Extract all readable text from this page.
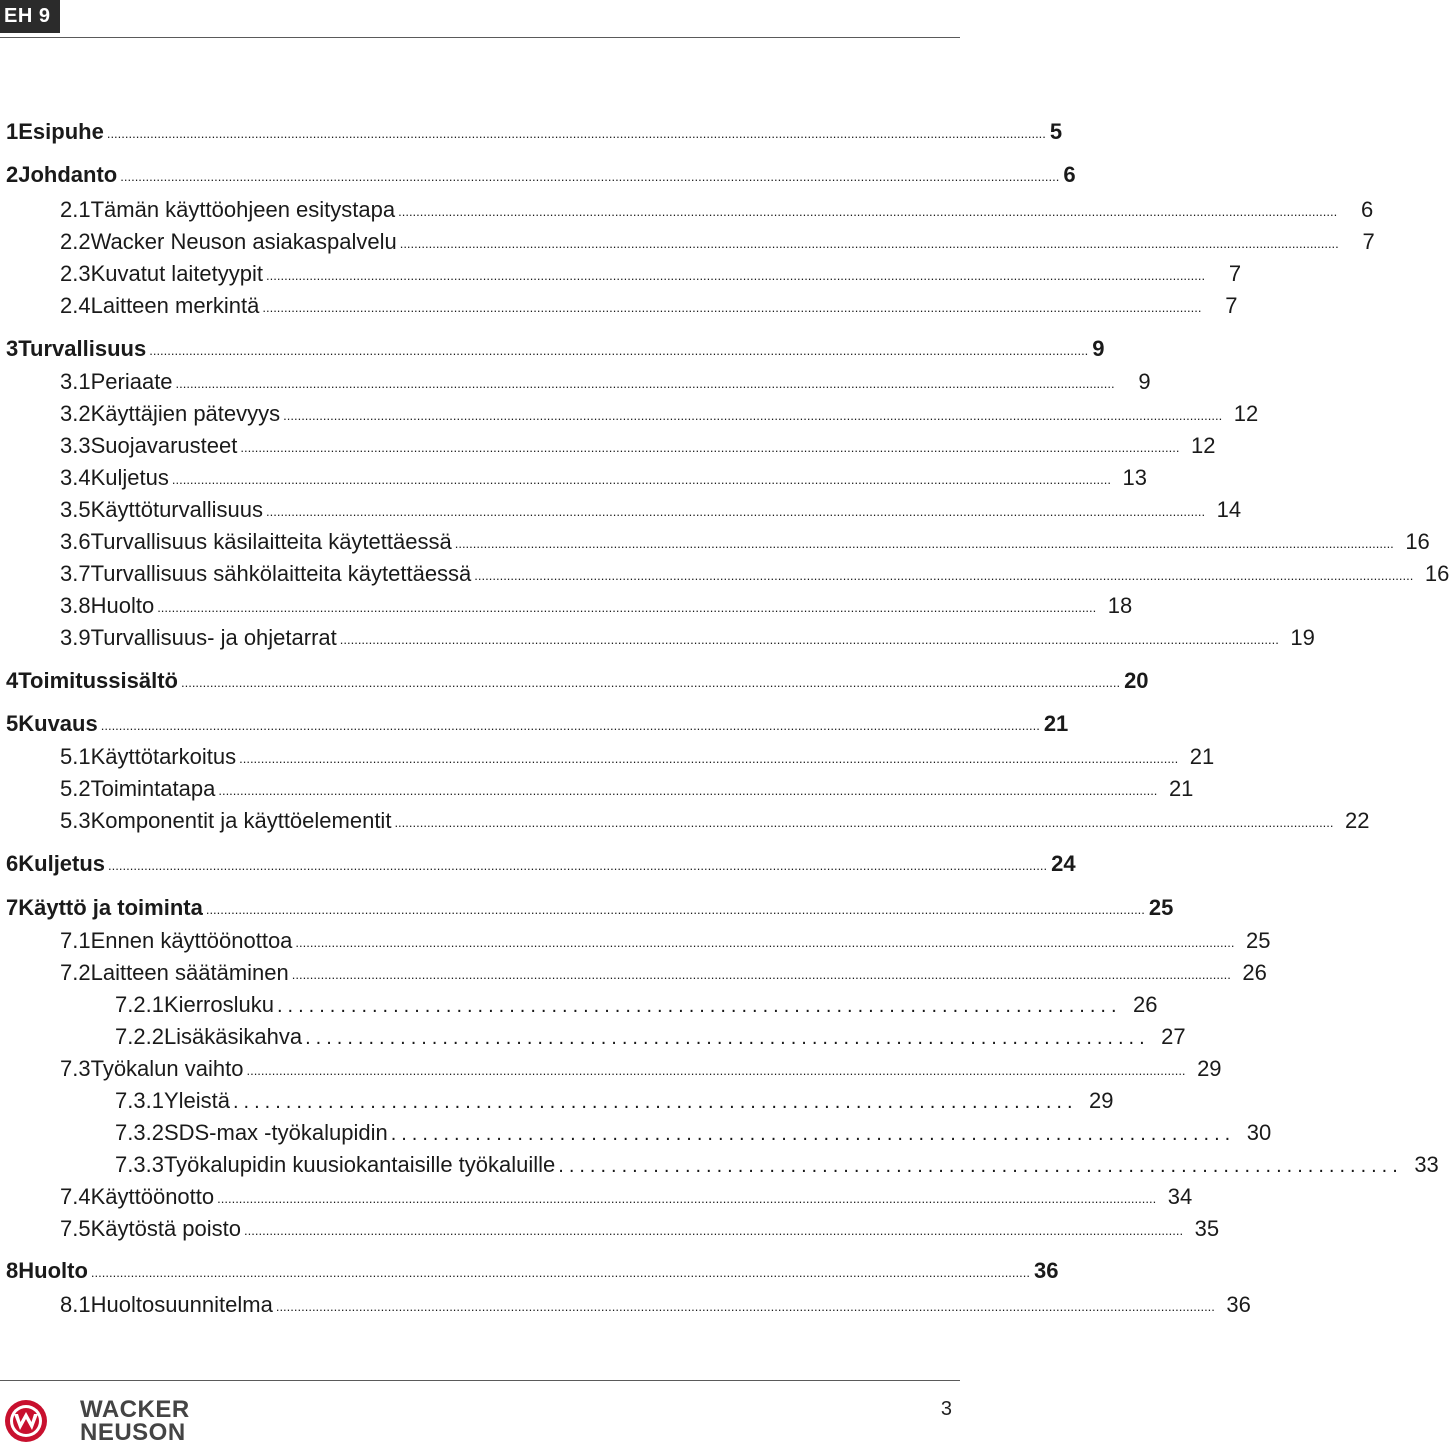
EH 9
1 Esipuhe .................................................................................................................................................................................................................................................................... 5
2 Johdanto .................................................................................................................................................................................................................................................................... 6
2.1 Tämän käyttöohjeen esitystapa ....................................................................................................................................................................................................................................................................	6
2.2 Wacker Neuson asiakaspalvelu ....................................................................................................................................................................................................................................................................	7
2.3 Kuvatut laitetyypit ....................................................................................................................................................................................................................................................................	7
2.4 Laitteen merkintä ....................................................................................................................................................................................................................................................................	7
3 Turvallisuus .................................................................................................................................................................................................................................................................... 9
3.1 Periaate ....................................................................................................................................................................................................................................................................	9
3.2 Käyttäjien pätevyys .................................................................................................................................................................................................................................................................... 12
3.3 Suojavarusteet .................................................................................................................................................................................................................................................................... 12
3.4 Kuljetus .................................................................................................................................................................................................................................................................... 13
3.5 Käyttöturvallisuus .................................................................................................................................................................................................................................................................... 14
3.6 Turvallisuus käsilaitteita käytettäessä .................................................................................................................................................................................................................................................................... 16
3.7 Turvallisuus sähkölaitteita käytettäessä .................................................................................................................................................................................................................................................................... 16
3.8 Huolto .................................................................................................................................................................................................................................................................... 18
3.9 Turvallisuus- ja ohjetarrat .................................................................................................................................................................................................................................................................... 19
4 Toimitussisältö .................................................................................................................................................................................................................................................................... 20
5 Kuvaus .................................................................................................................................................................................................................................................................... 21
5.1 Käyttötarkoitus .................................................................................................................................................................................................................................................................... 21
5.2 Toimintatapa .................................................................................................................................................................................................................................................................... 21
5.3 Komponentit ja käyttöelementit .................................................................................................................................................................................................................................................................... 22
6 Kuljetus .................................................................................................................................................................................................................................................................... 24
7 Käyttö ja toiminta .................................................................................................................................................................................................................................................................... 25
7.1 Ennen käyttöönottoa .................................................................................................................................................................................................................................................................... 25
7.2 Laitteen säätäminen .................................................................................................................................................................................................................................................................... 26
7.2.1 Kierrosluku ................................................................................ 26
7.2.2 Lisäkäsikahva ................................................................................ 27
7.3 Työkalun vaihto .................................................................................................................................................................................................................................................................... 29
7.3.1 Yleistä ................................................................................ 29
7.3.2 SDS-max -työkalupidin ................................................................................ 30
7.3.3 Työkalupidin kuusiokantaisille työkaluille ................................................................................ 33
7.4 Käyttöönotto .................................................................................................................................................................................................................................................................... 34
7.5 Käytöstä poisto .................................................................................................................................................................................................................................................................... 35
8 Huolto .................................................................................................................................................................................................................................................................... 36
8.1 Huoltosuunnitelma .................................................................................................................................................................................................................................................................... 36
WACKER
NEUSON
3
